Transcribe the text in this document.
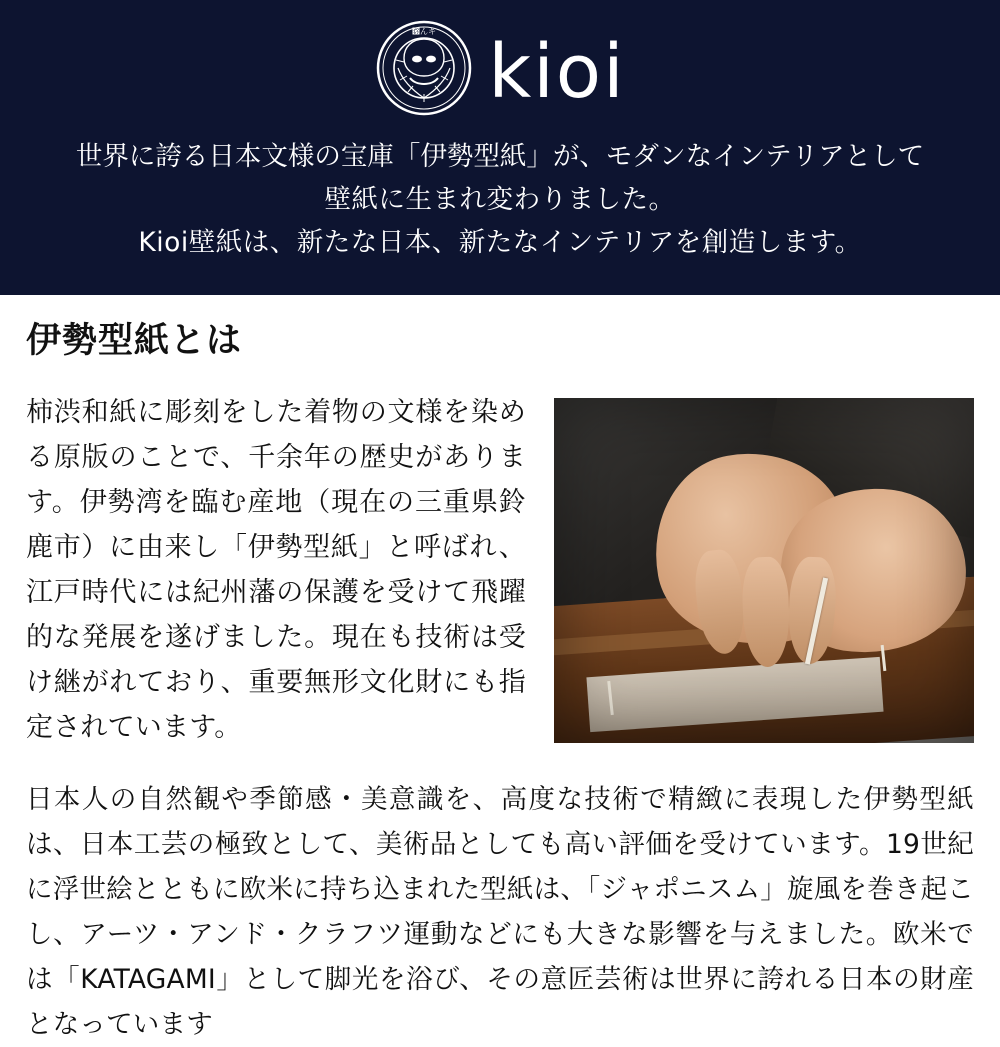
゗んキ kioi
世界に誇る日本文様の宝庫「伊勢型紙」が、モダンなインテリアとして
壁紙に生まれ変わりました。
Kioi壁紙は、新たな日本、新たなインテリアを創造します。
伊勢型紙とは

柿渋和紙に彫刻をした着物の文様を染める原版のことで、千余年の歴史があります。伊勢湾を臨む産地（現在の三重県鈴鹿市）に由来し「伊勢型紙」と呼ばれ、江戸時代には紀州藩の保護を受けて飛躍的な発展を遂げました。現在も技術は受け継がれており、重要無形文化財にも指定されています。

日本人の自然観や季節感・美意識を、高度な技術で精緻に表現した伊勢型紙は、日本工芸の極致として、美術品としても高い評価を受けています。19世紀に浮世絵とともに欧米に持ち込まれた型紙は、「ジャポニスム」旋風を巻き起こし、アーツ・アンド・クラフツ運動などにも大きな影響を与えました。欧米では「KATAGAMI」として脚光を浴び、その意匠芸術は世界に誇れる日本の財産となっています
